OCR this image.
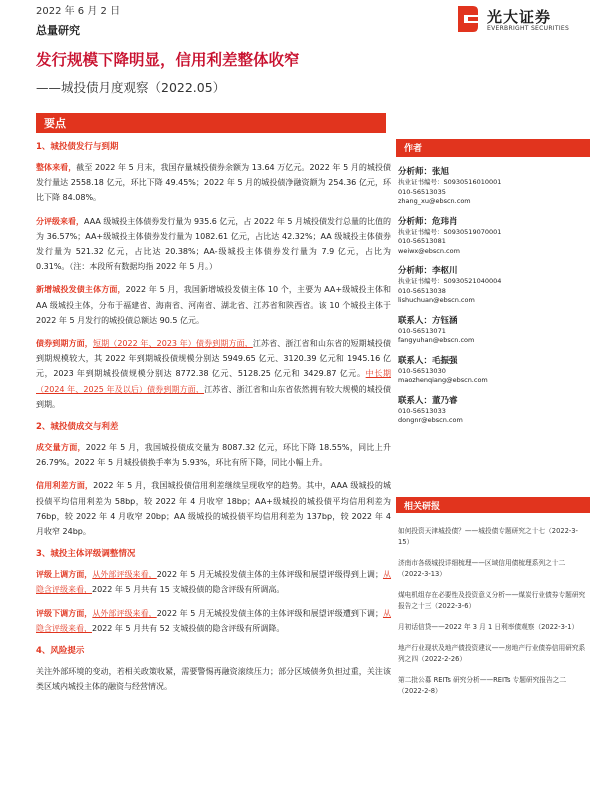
2022 年 6 月 2 日
总量研究
光大证券
EVERBRIGHT SECURITIES
发行规模下降明显，信用利差整体收窄
——城投债月度观察（2022.05）
要点
1、城投债发行与到期
整体来看，截至 2022 年 5 月末，我国存量城投债券余额为 13.64 万亿元。2022 年 5 月的城投债发行量达 2558.18 亿元，环比下降 49.45%；2022 年 5 月的城投债净融资额为 254.36 亿元，环比下降 84.08%。
分评级来看，AAA 级城投主体债券发行量为 935.6 亿元，占 2022 年 5 月城投债发行总量的比值的为 36.57%；AA+级城投主体债券发行量为 1082.61 亿元，占比达 42.32%；AA 级城投主体债券发行量为 521.32 亿元，占比达 20.38%；AA-级城投主体债券发行量为 7.9 亿元，占比为 0.31%。（注：本段所有数据均指 2022 年 5 月。）
新增城投发债主体方面，2022 年 5 月，我国新增城投发债主体 10 个，主要为 AA+级城投主体和 AA 级城投主体，分布于福建省、海南省、河南省、湖北省、江苏省和陕西省。该 10 个城投主体于 2022 年 5 月发行的城投债总额达 90.5 亿元。
债券到期方面，短期（2022 年、2023 年）债券到期方面，江苏省、浙江省和山东省的短期城投债到期规模较大，其 2022 年到期城投债规模分别达 5949.65 亿元、3120.39 亿元和 1945.16 亿元，2023 年到期城投债规模分别达 8772.38 亿元、5128.25 亿元和 3429.87 亿元。中长期（2024 年、2025 年及以后）债券到期方面，江苏省、浙江省和山东省依然拥有较大规模的城投债到期。
2、城投债成交与利差
成交量方面，2022 年 5 月，我国城投债成交量为 8087.32 亿元，环比下降 18.55%，同比上升 26.79%。2022 年 5 月城投债换手率为 5.93%，环比有所下降，同比小幅上升。
信用利差方面，2022 年 5 月，我国城投债信用利差继续呈现收窄的趋势。其中，AAA 级城投的城投债平均信用利差为 58bp，较 2022 年 4 月收窄 18bp；AA+级城投的城投债平均信用利差为 76bp，较 2022 年 4 月收窄 20bp；AA 级城投的城投债平均信用利差为 137bp，较 2022 年 4 月收窄 24bp。
3、城投主体评级调整情况
评级上调方面，从外部评级来看，2022 年 5 月无城投发债主体的主体评级和展望评级得到上调；从隐含评级来看，2022 年 5 月共有 15 支城投债的隐含评级有所调高。
评级下调方面，从外部评级来看，2022 年 5 月无城投发债主体的主体评级和展望评级遭到下调；从隐含评级来看，2022 年 5 月共有 52 支城投债的隐含评级有所调降。
4、风险提示
关注外部环境的变动，若相关政策收紧，需要警惕再融资滚续压力；部分区域债务负担过重，关注该类区域内城投主体的融资与经营情况。
作者
分析师：张旭
执业证书编号：S0930516010001
010-56513035
zhang_xu@ebscn.com
分析师：危玮肖
执业证书编号：S0930519070001
010-56513081
weiwx@ebscn.com
分析师：李枢川
执业证书编号：S0930521040004
010-56513038
lishuchuan@ebscn.com
联系人：方钰涵
010-56513071
fangyuhan@ebscn.com
联系人：毛振强
010-56513030
maozhenqiang@ebscn.com
联系人：董乃睿
010-56513033
dongnr@ebscn.com
相关研报
如何投资天津城投债？——城投债专题研究之十七（2022-3-15）
济南市各级城投详细梳理——区域信用债梳理系列之十二（2022-3-13）
煤电机组存在必要性及投资意义分析——煤炭行业债券专题研究报告之十三（2022-3-6）
月初话信贷——2022 年 3 月 1 日利率债观察（2022-3-1）
地产行业现状及地产债投资建议——房地产行业债券信用研究系列之四（2022-2-26）
第二批公募 REITs 研究分析——REITs 专题研究报告之二（2022-2-8）
